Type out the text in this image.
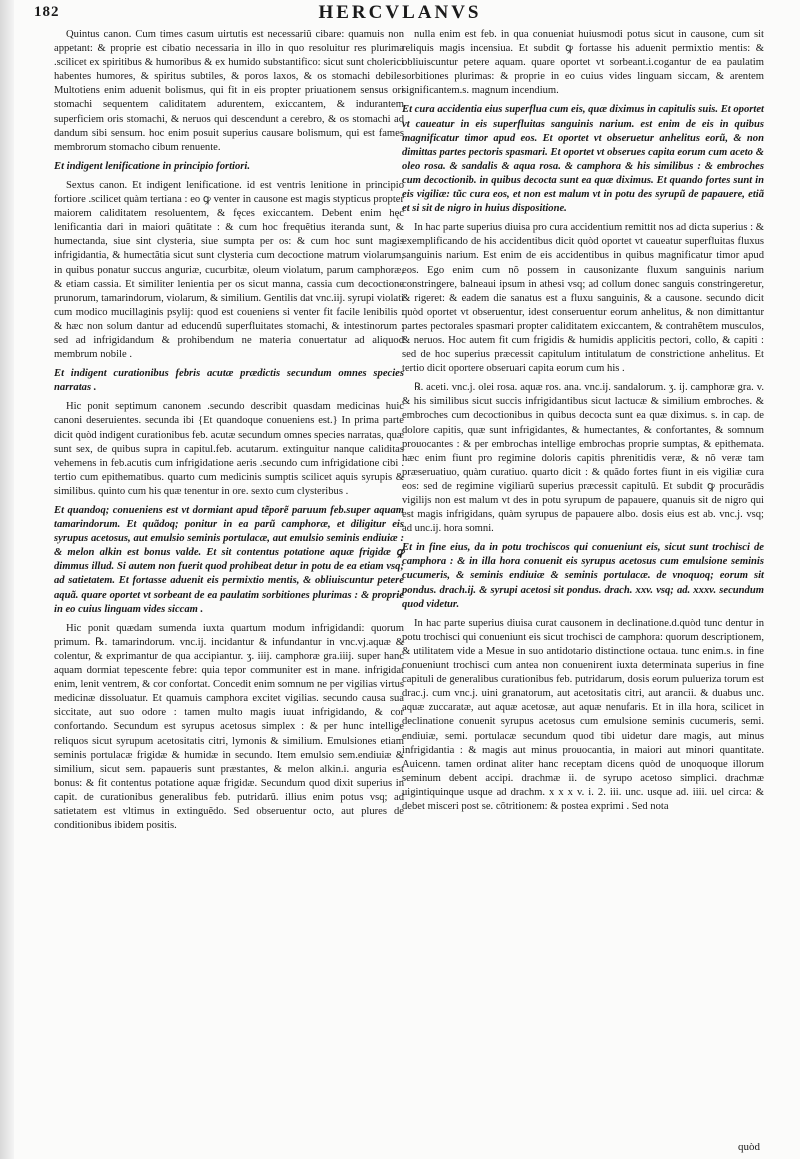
182	HERCVLANVS

Quintus canon. Cum times casum uirtutis est necessariũ cibare: quamuis non appetant: & proprie est cibatio necessaria in illo in quo resoluitur res plurima .scilicet ex spiritibus & humoribus & ex humido substantifico: sicut sunt cholerici habentes humores, & spiritus subtiles, & poros laxos, & os stomachi debile. Multotiens enim aduenit bolismus, qui fit in eis propter priuationem sensus ori stomachi sequentem caliditatem adurentem, exiccantem, & indurantem superficiem oris stomachi, & neruos qui descendunt a cerebro, & os stomachi ad dandum sibi sensum. hoc enim posuit superius causare bolismum, qui est fames membrorum stomacho cibum renuente.

Et indigent lenificatione in principio fortiori.

Sextus canon. Et indigent lenificatione. id est ventris lenitione in principio fortiore .scilicet quàm tertiana : eo ꝙ venter in causone est magis stypticus propter maiorem caliditatem resoluentem, & fęces exiccantem. Debent enim hęc lenificantia dari in maiori quãtitate : & cum hoc frequẽtius iteranda sunt, & humectanda, siue sint clysteria, siue sumpta per os: & cum hoc sunt magis infrigidantia, & humectãtia sicut sunt clysteria cum decoctione matrum violarum, in quibus ponatur succus anguriæ, cucurbitæ, oleum violatum, parum camphoræ, & etiam cassia. Et similiter lenientia per os sicut manna, cassia cum decoctione prunorum, tamarindorum, violarum, & similium. Gentilis dat vnc.iij. syrupi violati cum modico mucillaginis psylij: quod est coueniens si venter fit facile lenibilis : & hæc non solum dantur ad educendũ superfluitates stomachi, & intestinorum : sed ad infrigidandum & prohibendum ne materia conuertatur ad aliquod membrum nobile .

Et indigent curationibus febris acutæ prædictis secundum omnes species narratas .

Hic ponit septimum canonem .secundo describit quasdam medicinas huic canoni deseruientes. secunda ibi {Et quandoque conueniens est.} In prima parte dicit quòd indigent curationibus feb. acutæ secundum omnes species narratas, quæ sunt sex, de quibus supra in capitul.feb. acutarum. extinguitur nanque caliditas vehemens in feb.acutis cum infrigidatione aeris .secundo cum infrigidatione cibi . tertio cum epithematibus. quarto cum medicinis sumptis scilicet aquis syrupis & similibus. quinto cum his quæ tenentur in ore. sexto cum clysteribus .

Et quandoq; conueniens est vt dormiant apud tẽporẽ paruum feb.super aquam tamarindorum. Et quãdoq; ponitur in ea parũ camphoræ, et diligitur eis syrupus acetosus, aut emulsio seminis portulacæ, aut emulsio seminis endiuiæ : & melon alkin est bonus valde. Et sit contentus potatione aquæ frigidæ ꝙ dimmus illud. Si autem non fuerit quod prohibeat detur in potu de ea etiam vsq; ad satietatem. Et fortasse aduenit eis permixtio mentis, & obliuiscuntur petere aquã. quare oportet vt sorbeant de ea paulatim sorbitiones plurimas : & proprie in eo cuius linguam vides siccam .

Hic ponit quædam sumenda iuxta quartum modum infrigidandi: quorum primum. ℞. tamarindorum. vnc.ij. incidantur & infundantur in vnc.vj.aquæ & colentur, & exprimantur de qua accipiantur. ʒ. iiij. camphoræ gra.iiij. super hanc aquam dormiat tepescente febre: quia tepor communiter est in mane. infrigidat enim, lenit ventrem, & cor confortat. Concedit enim somnum ne per vigilias virtus medicinæ dissoluatur. Et quamuis camphora excitet vigilias. secundo causa sua siccitate, aut suo odore : tamen multo magis iuuat infrigidando, & cor confortando. Secundum est syrupus acetosus simplex : & per hunc intellige reliquos sicut syrupum acetositatis citri, lymonis & similium. Emulsiones etiam seminis portulacæ frigidæ & humidæ in secundo. Item emulsio sem.endiuiæ & similium, sicut sem. papaueris sunt præstantes, & melon alkin.i. anguria est bonus: & fit contentus potatione aquæ frigidæ. Secundum quod dixit superius in capit. de curationibus generalibus feb. putridarũ. illius enim potus vsq; ad satietatem est vltimus in extinguẽdo. Sed obseruentur octo, aut plures de conditionibus ibidem positis.

nulla enim est feb. in qua conueniat huiusmodi potus sicut in causone, cum sit reliquis magis incensiua. Et subdit ꝙ fortasse his aduenit permixtio mentis: & obliuiscuntur petere aquam. quare oportet vt sorbeant.i.cogantur de ea paulatim sorbitiones plurimas: & proprie in eo cuius vides linguam siccam, & arentem significantem.s. magnum incendium.

Et cura accidentia eius superflua cum eis, quæ diximus in capitulis suis. Et oportet vt caueatur in eis superfluitas sanguinis narium. est enim de eis in quibus magnificatur timor apud eos. Et oportet vt obseruetur anhelitus eorũ, & non dimittas partes pectoris spasmari. Et oportet vt obserues capita eorum cum aceto & oleo rosa. & sandalis & aqua rosa. & camphora & his similibus : & embroches cum decoctionib. in quibus decocta sunt ea quæ diximus. Et quando fortes sunt in eis vigiliæ: tũc cura eos, et non est malum vt in potu des syrupũ de papauere, etiã et si sit de nigro in huius dispositione.

In hac parte superius diuisa pro cura accidentium remittit nos ad dicta superius : & exemplificando de his accidentibus dicit quòd oportet vt caueatur superfluitas fluxus sanguinis narium. Est enim de eis accidentibus in quibus magnificatur timor apud eos. Ego enim cum nõ possem in causonizante fluxum sanguinis narium constringere, balneaui ipsum in athesi vsq; ad collum donec sanguis constringeretur, & rigeret: & eadem die sanatus est a fluxu sanguinis, & a causone. secundo dicit quòd oportet vt obseruentur, idest conseruentur eorum anhelitus, & non dimittantur partes pectorales spasmari propter caliditatem exiccantem, & contrahẽtem musculos, & neruos. Hoc autem fit cum frigidis & humidis applicitis pectori, collo, & capiti : sed de hoc superius præcessit capitulum intitulatum de constrictione anhelitus. Et tertio dicit oportere obseruari capita eorum cum his .

℞. aceti. vnc.j. olei rosa. aquæ ros. ana. vnc.ij. sandalorum. ʒ. ij. camphoræ gra. v. & his similibus sicut succis infrigidantibus sicut lactucæ & similium embroches. & embroches cum decoctionibus in quibus decocta sunt ea quæ diximus. s. in cap. de dolore capitis, quæ sunt infrigidantes, & humectantes, & confortantes, & somnum prouocantes : & per embrochas intellige embrochas proprie sumptas, & epithemata. hæc enim fiunt pro regimine doloris capitis phrenitidis veræ, & nõ veræ tam præseruatiuo, quàm curatiuo. quarto dicit : & quãdo fortes fiunt in eis vigiliæ cura eos: sed de regimine vigiliarũ superius præcessit capitulũ. Et subdit ꝙ procurãdis vigilijs non est malum vt des in potu syrupum de papauere, quanuis sit de nigro qui est magis infrigidans, quàm syrupus de papauere albo. dosis eius est ab. vnc.j. vsq; ad unc.ij. hora somni.

Et in fine eius, da in potu trochiscos qui conueniunt eis, sicut sunt trochisci de camphora : & in illa hora conuenit eis syrupus acetosus cum emulsione seminis cucumeris, & seminis endiuiæ & seminis portulacæ. de vnoquoq; eorum sit pondus. drach.ij. & syrupi acetosi sit pondus. drach. xxv. vsq; ad. xxxv. secundum quod videtur.

In hac parte superius diuisa curat causonem in declinatione.d.quòd tunc dentur in potu trochisci qui conueniunt eis sicut trochisci de camphora: quorum descriptionem, & utilitatem vide a Mesue in suo antidotario distinctione octaua. tunc enim.s. in fine conueniunt trochisci cum antea non conuenirent iuxta determinata superius in fine capituli de generalibus curationibus feb. putridarum, dosis eorum pulueriza torum est drac.j. cum vnc.j. uini granatorum, aut acetositatis citri, aut arancii. & duabus unc. aquæ zuccaratæ, aut aquæ acetosæ, aut aquæ nenufaris. Et in illa hora, scilicet in declinatione conuenit syrupus acetosus cum emulsione seminis cucumeris, semi. endiuiæ, semi. portulacæ secundum quod tibi uidetur dare magis, aut minus infrigidantia : & magis aut minus prouocantia, in maiori aut minori quantitate. Auicenn. tamen ordinat aliter hanc receptam dicens quòd de unoquoque illorum seminum debent accipi. drachmæ ii. de syrupo acetoso simplici. drachmæ uigintiquinque usque ad drachm. x x x v. i. 2. iii. unc. usque ad. iiii. uel circa: & debet misceri post se. cõtritionem: & postea exprimi . Sed nota

quòd
